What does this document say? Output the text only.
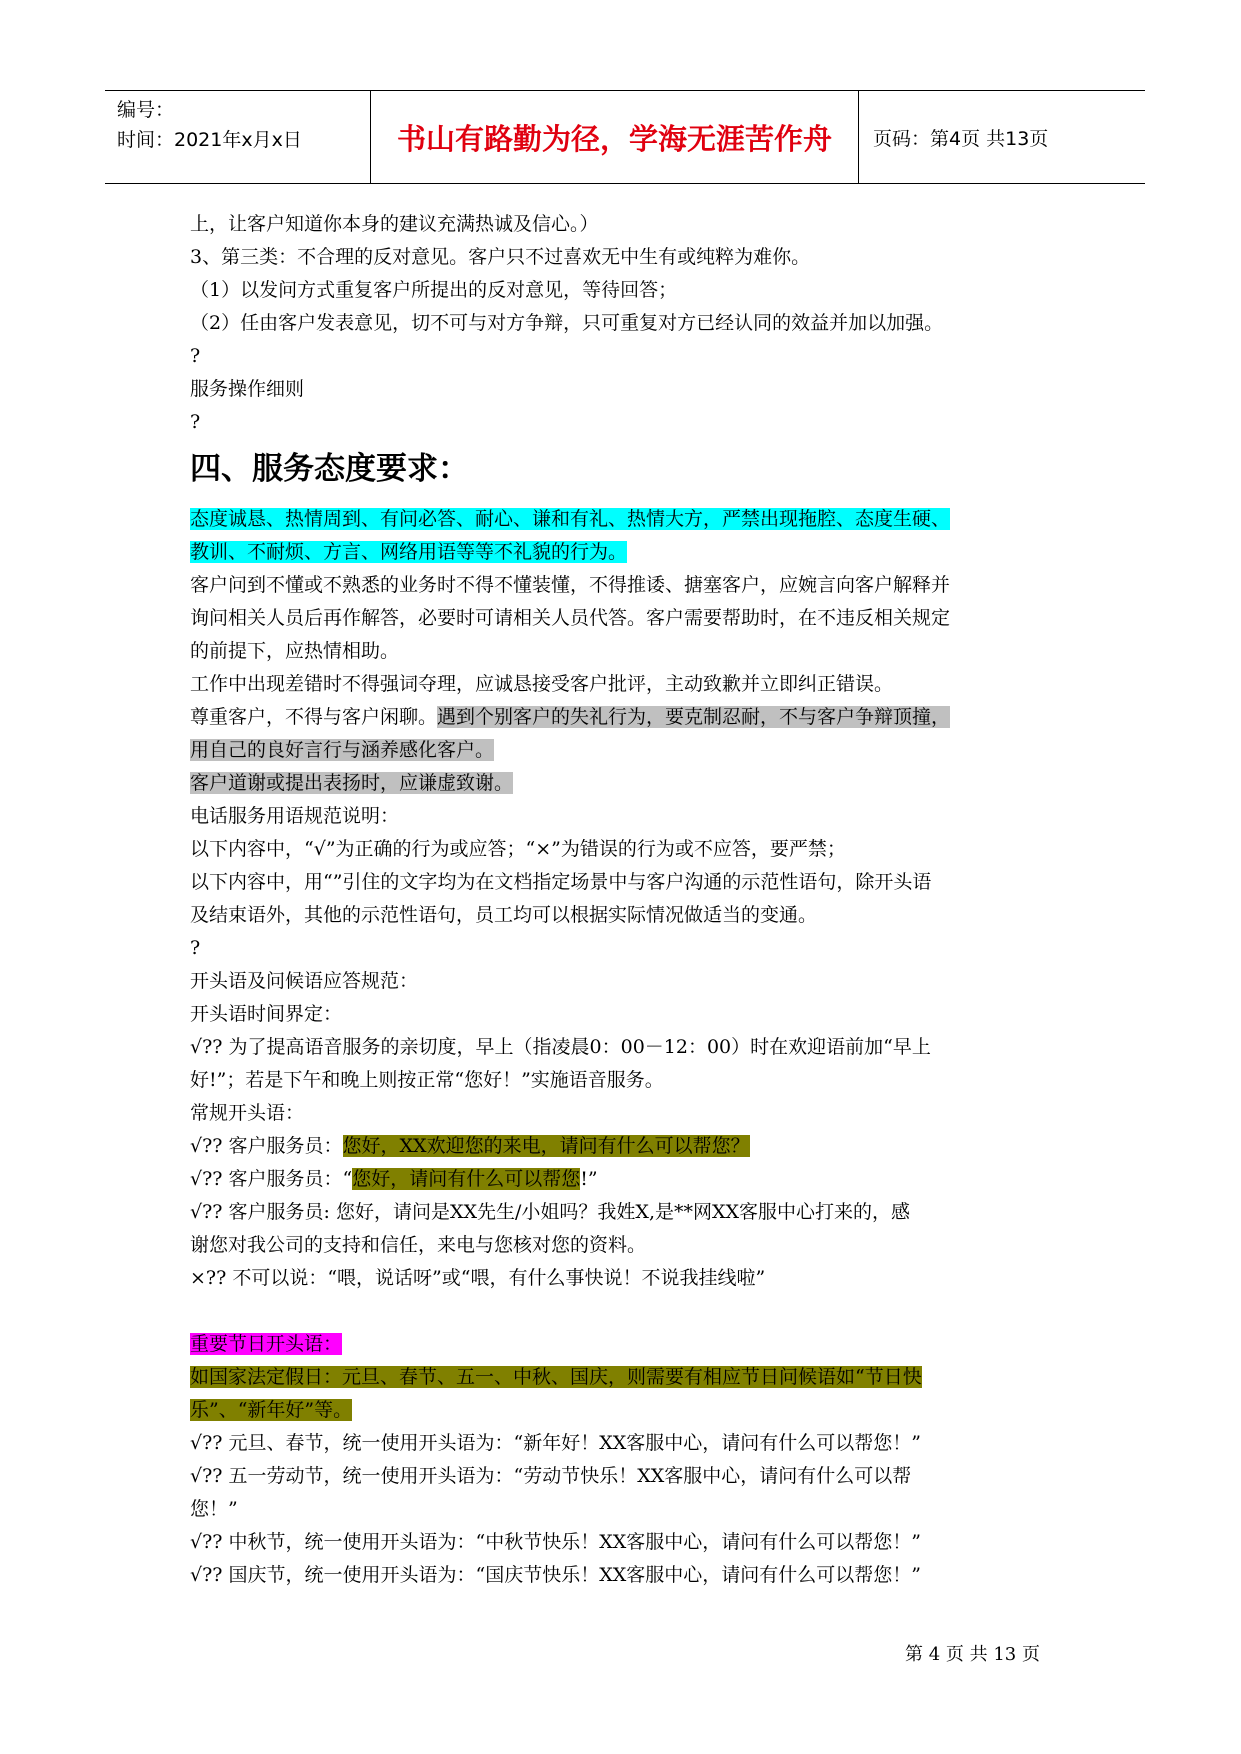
编号：
时间：2021年x月x日	书山有路勤为径，学海无涯苦作舟	页码：第4页 共13页
上，让客户知道你本身的建议充满热诚及信心。）
3、第三类：不合理的反对意见。客户只不过喜欢无中生有或纯粹为难你。
（1）以发问方式重复客户所提出的反对意见，等待回答；
（2）任由客户发表意见，切不可与对方争辩，只可重复对方已经认同的效益并加以加强。
?
服务操作细则
?
四、服务态度要求：
态度诚恳、热情周到、有问必答、耐心、谦和有礼、热情大方，严禁出现拖腔、态度生硬、
教训、不耐烦、方言、网络用语等等不礼貌的行为。
客户问到不懂或不熟悉的业务时不得不懂装懂，不得推诿、搪塞客户，应婉言向客户解释并
询问相关人员后再作解答，必要时可请相关人员代答。客户需要帮助时，在不违反相关规定
的前提下，应热情相助。
工作中出现差错时不得强词夺理，应诚恳接受客户批评，主动致歉并立即纠正错误。
尊重客户，不得与客户闲聊。遇到个别客户的失礼行为，要克制忍耐，不与客户争辩顶撞，
用自己的良好言行与涵养感化客户。
客户道谢或提出表扬时，应谦虚致谢。
电话服务用语规范说明：
以下内容中，“√”为正确的行为或应答；“×”为错误的行为或不应答，要严禁；
以下内容中，用“”引住的文字均为在文档指定场景中与客户沟通的示范性语句，除开头语
及结束语外，其他的示范性语句，员工均可以根据实际情况做适当的变通。
?
开头语及问候语应答规范：
开头语时间界定：
√?? 为了提高语音服务的亲切度，早上（指凌晨0：00－12：00）时在欢迎语前加“早上
好!”；若是下午和晚上则按正常“您好！”实施语音服务。
常规开头语：
√?? 客户服务员：您好，XX欢迎您的来电，请问有什么可以帮您？
√?? 客户服务员：“您好，请问有什么可以帮您!”
√?? 客户服务员: 您好，请问是XX先生/小姐吗？我姓X,是**网XX客服中心打来的，感
谢您对我公司的支持和信任，来电与您核对您的资料。
×?? 不可以说：“喂，说话呀”或“喂，有什么事快说！不说我挂线啦”
重要节日开头语：
如国家法定假日：元旦、春节、五一、中秋、国庆，则需要有相应节日问候语如“节日快
乐”、“新年好”等。
√?? 元旦、春节，统一使用开头语为：“新年好！XX客服中心，请问有什么可以帮您！”
√?? 五一劳动节，统一使用开头语为：“劳动节快乐！XX客服中心，请问有什么可以帮
您！”
√?? 中秋节，统一使用开头语为：“中秋节快乐！XX客服中心，请问有什么可以帮您！”
√?? 国庆节，统一使用开头语为：“国庆节快乐！XX客服中心，请问有什么可以帮您！”
第 4 页 共 13 页
